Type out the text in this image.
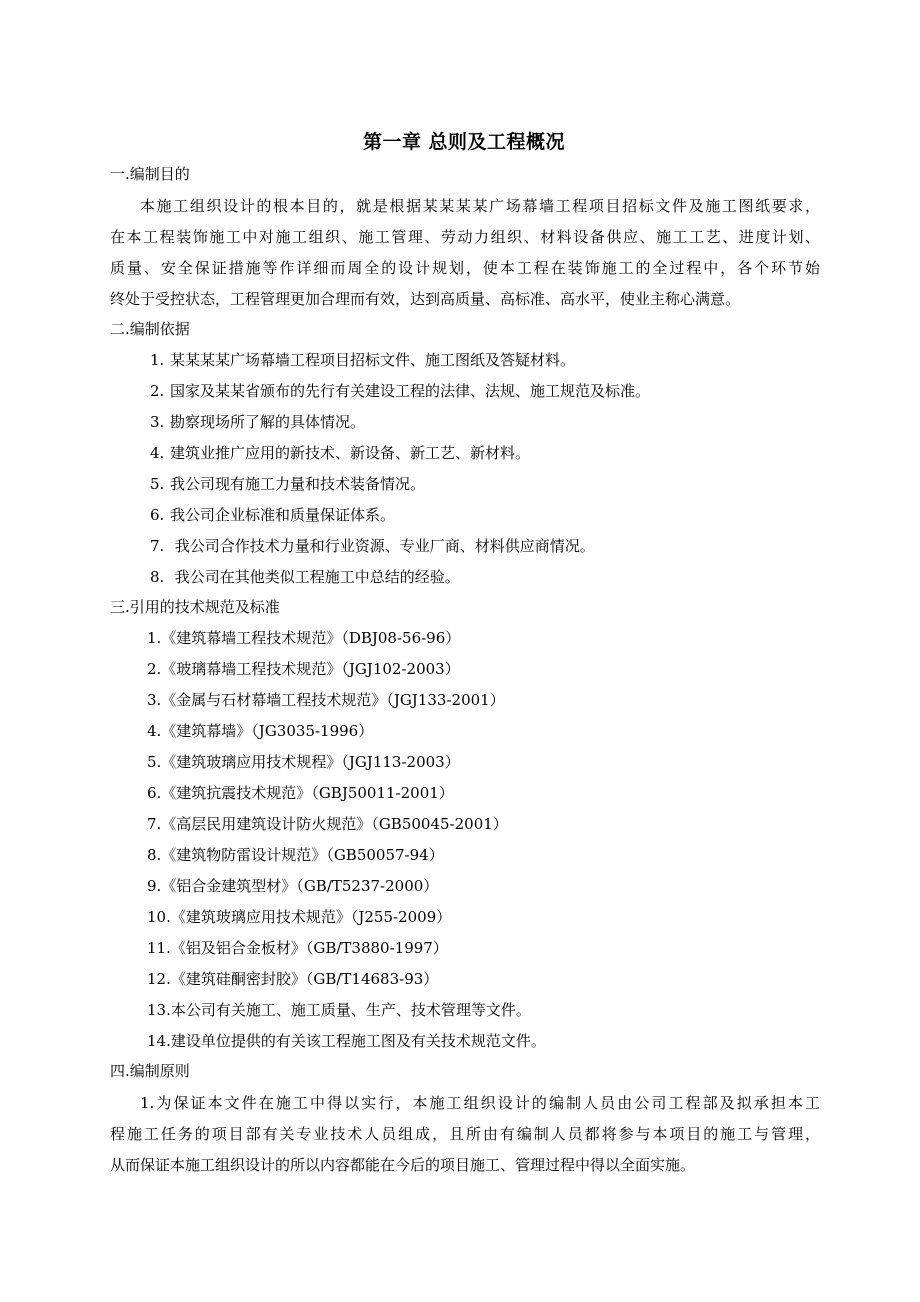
第一章 总则及工程概况
一.编制目的
本施工组织设计的根本目的，就是根据某某某某广场幕墙工程项目招标文件及施工图纸要求，
在本工程装饰施工中对施工组织、施工管理、劳动力组织、材料设备供应、施工工艺、进度计划、
质量、安全保证措施等作详细而周全的设计规划，使本工程在装饰施工的全过程中，各个环节始
终处于受控状态，工程管理更加合理而有效，达到高质量、高标准、高水平，使业主称心满意。
二.编制依据
1. 某某某某广场幕墙工程项目招标文件、施工图纸及答疑材料。
2. 国家及某某省颁布的先行有关建设工程的法律、法规、施工规范及标准。
3. 勘察现场所了解的具体情况。
4. 建筑业推广应用的新技术、新设备、新工艺、新材料。
5. 我公司现有施工力量和技术装备情况。
6. 我公司企业标准和质量保证体系。
7. 我公司合作技术力量和行业资源、专业厂商、材料供应商情况。
8. 我公司在其他类似工程施工中总结的经验。
三.引用的技术规范及标准
1.《建筑幕墙工程技术规范》（DBJ08-56-96）
2.《玻璃幕墙工程技术规范》（JGJ102-2003）
3.《金属与石材幕墙工程技术规范》（JGJ133-2001）
4.《建筑幕墙》（JG3035-1996）
5.《建筑玻璃应用技术规程》（JGJ113-2003）
6.《建筑抗震技术规范》（GBJ50011-2001）
7.《高层民用建筑设计防火规范》（GB50045-2001）
8.《建筑物防雷设计规范》（GB50057-94）
9.《铝合金建筑型材》（GB/T5237-2000）
10.《建筑玻璃应用技术规范》（J255-2009）
11.《铝及铝合金板材》（GB/T3880-1997）
12.《建筑硅酮密封胶》（GB/T14683-93）
13.本公司有关施工、施工质量、生产、技术管理等文件。
14.建设单位提供的有关该工程施工图及有关技术规范文件。
四.编制原则
1.为保证本文件在施工中得以实行，本施工组织设计的编制人员由公司工程部及拟承担本工
程施工任务的项目部有关专业技术人员组成，且所由有编制人员都将参与本项目的施工与管理，
从而保证本施工组织设计的所以内容都能在今后的项目施工、管理过程中得以全面实施。
